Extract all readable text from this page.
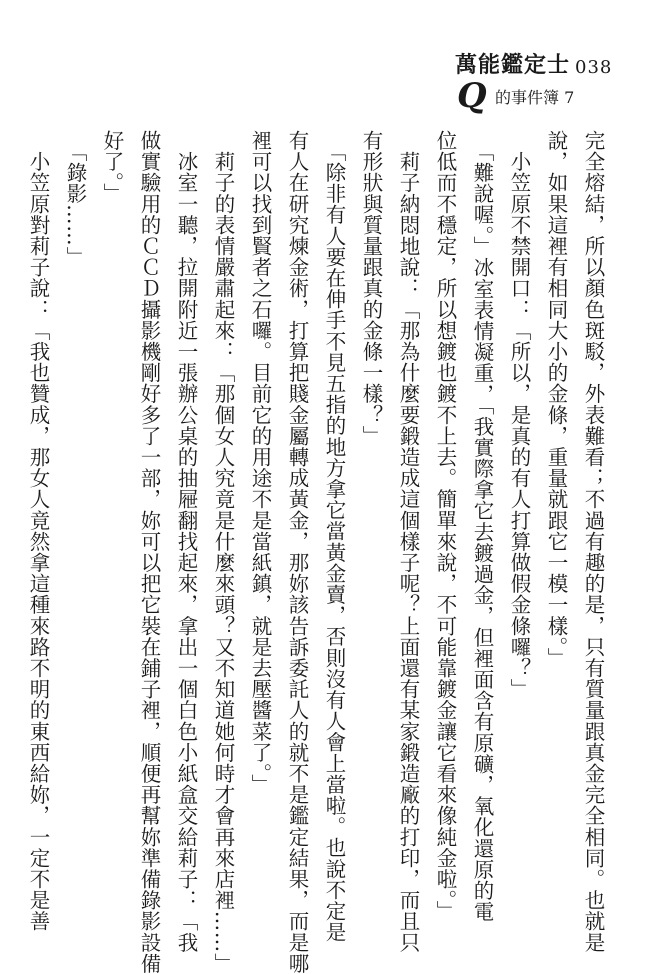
萬能鑑定士 038
Q 的事件簿 7

完全熔結，所以顏色斑駁，外表難看；不過有趣的是，只有質量跟真金完全相同。也就是

說，如果這裡有相同大小的金條，重量就跟它一模一樣。」

　小笠原不禁開口：「所以，是真的有人打算做假金條囉？」

　「難說喔。」冰室表情凝重，「我實際拿它去鍍過金，但裡面含有原礦，氧化還原的電

位低而不穩定，所以想鍍也鍍不上去。簡單來說，不可能靠鍍金讓它看來像純金啦。」

　莉子納悶地說：「那為什麼要鍛造成這個樣子呢？上面還有某家鍛造廠的打印，而且只

有形狀與質量跟真的金條一樣？」

　「除非有人要在伸手不見五指的地方拿它當黃金賣，否則沒有人會上當啦。也說不定是

有人在研究煉金術，打算把賤金屬轉成黃金，那妳該告訴委託人的就不是鑑定結果，而是哪

裡可以找到賢者之石囉。目前它的用途不是當紙鎮，就是去壓醬菜了。」

　莉子的表情嚴肅起來：「那個女人究竟是什麼來頭？又不知道她何時才會再來店裡……」

　冰室一聽，拉開附近一張辦公桌的抽屜翻找起來，拿出一個白色小紙盒交給莉子：「我

做實驗用的ＣＣＤ攝影機剛好多了一部，妳可以把它裝在鋪子裡，順便再幫妳準備錄影設備

好了。」

　「錄影……」

　小笠原對莉子說：「我也贊成，那女人竟然拿這種來路不明的東西給妳，一定不是善
